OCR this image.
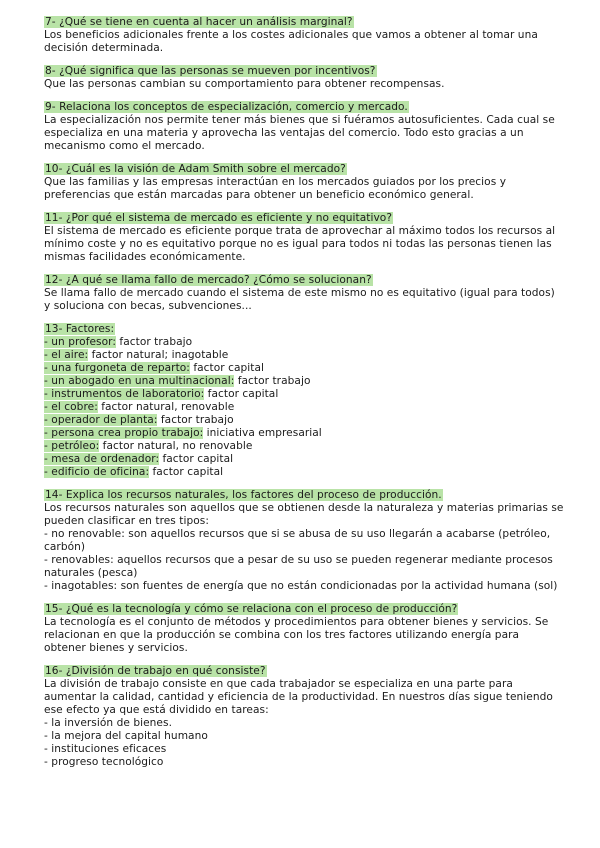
7- ¿Qué se tiene en cuenta al hacer un análisis marginal?
Los beneficios adicionales frente a los costes adicionales que vamos a obtener al tomar una decisión determinada.
8- ¿Qué significa que las personas se mueven por incentivos?
Que las personas cambian su comportamiento para obtener recompensas.
9- Relaciona los conceptos de especialización, comercio y mercado.
La especialización nos permite tener más bienes que si fuéramos autosuficientes. Cada cual se especializa en una materia y aprovecha las ventajas del comercio. Todo esto gracias a un mecanismo como el mercado.
10- ¿Cuál es la visión de Adam Smith sobre el mercado?
Que las familias y las empresas interactúan en los mercados guiados por los precios y preferencias que están marcadas para obtener un beneficio económico general.
11- ¿Por qué el sistema de mercado es eficiente y no equitativo?
El sistema de mercado es eficiente porque trata de aprovechar al máximo todos los recursos al mínimo coste y no es equitativo porque no es igual para todos ni todas las personas tienen las mismas facilidades económicamente.
12- ¿A qué se llama fallo de mercado? ¿Cómo se solucionan?
Se llama fallo de mercado cuando el sistema de este mismo no es equitativo (igual para todos) y soluciona con becas, subvenciones...
13- Factores:
- un profesor: factor trabajo
- el aire: factor natural; inagotable
- una furgoneta de reparto: factor capital
- un abogado en una multinacional: factor trabajo
- instrumentos de laboratorio: factor capital
- el cobre: factor natural, renovable
- operador de planta: factor trabajo
- persona crea propio trabajo: iniciativa empresarial
- petróleo: factor natural, no renovable
- mesa de ordenador: factor capital
- edificio de oficina: factor capital
14- Explica los recursos naturales, los factores del proceso de producción.
Los recursos naturales son aquellos que se obtienen desde la naturaleza y materias primarias se pueden clasificar en tres tipos:
- no renovable: son aquellos recursos que si se abusa de su uso llegarán a acabarse (petróleo, carbón)
- renovables: aquellos recursos que a pesar de su uso se pueden regenerar mediante procesos naturales (pesca)
- inagotables: son fuentes de energía que no están condicionadas por la actividad humana (sol)
15- ¿Qué es la tecnología y cómo se relaciona con el proceso de producción?
La tecnología es el conjunto de métodos y procedimientos para obtener bienes y servicios. Se relacionan en que la producción se combina con los tres factores utilizando energía para obtener bienes y servicios.
16- ¿División de trabajo en qué consiste?
La división de trabajo consiste en que cada trabajador se especializa en una parte para aumentar la calidad, cantidad y eficiencia de la productividad. En nuestros días sigue teniendo ese efecto ya que está dividido en tareas:
- la inversión de bienes.
- la mejora del capital humano
- instituciones eficaces
- progreso tecnológico
